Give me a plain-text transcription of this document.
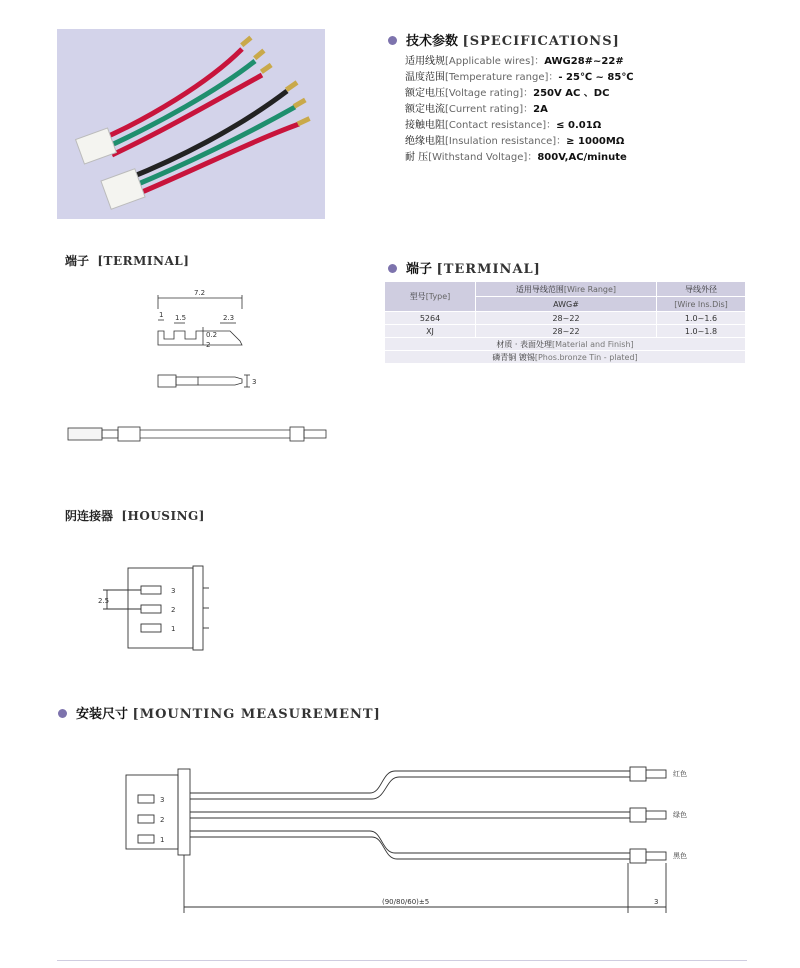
技术参数 [SPECIFICATIONS]
适用线规[Applicable wires]：AWG28#~22#
温度范围[Temperature range]：- 25℃ ~ 85℃
额定电压[Voltage rating]：250V AC 、DC
额定电流[Current rating]：2A
接触电阻[Contact resistance]：≤ 0.01Ω
绝缘电阻[Insulation resistance]：≥ 1000MΩ
耐 压[Withstand Voltage]：800V,AC/minute
端子 [TERMINAL]
端子 [TERMINAL]
型号[Type]	适用导线范围[Wire Range]	导线外径
	AWG#	[Wire Ins.Dis]
5264	28~22	1.0~1.6
XJ	28~22	1.0~1.8
材质 · 表面处理[Material and Finish]		
磷青铜 镀锡[Phos.bronze Tin - plated]		
7.2
1 1.5	2.3
0.2
2
3
阴连接器 [HOUSING]
2.5
3
2
1
安装尺寸 [MOUNTING MEASUREMENT]
3
2
1
红色
绿色
黑色
(90/80/60)±5	3
